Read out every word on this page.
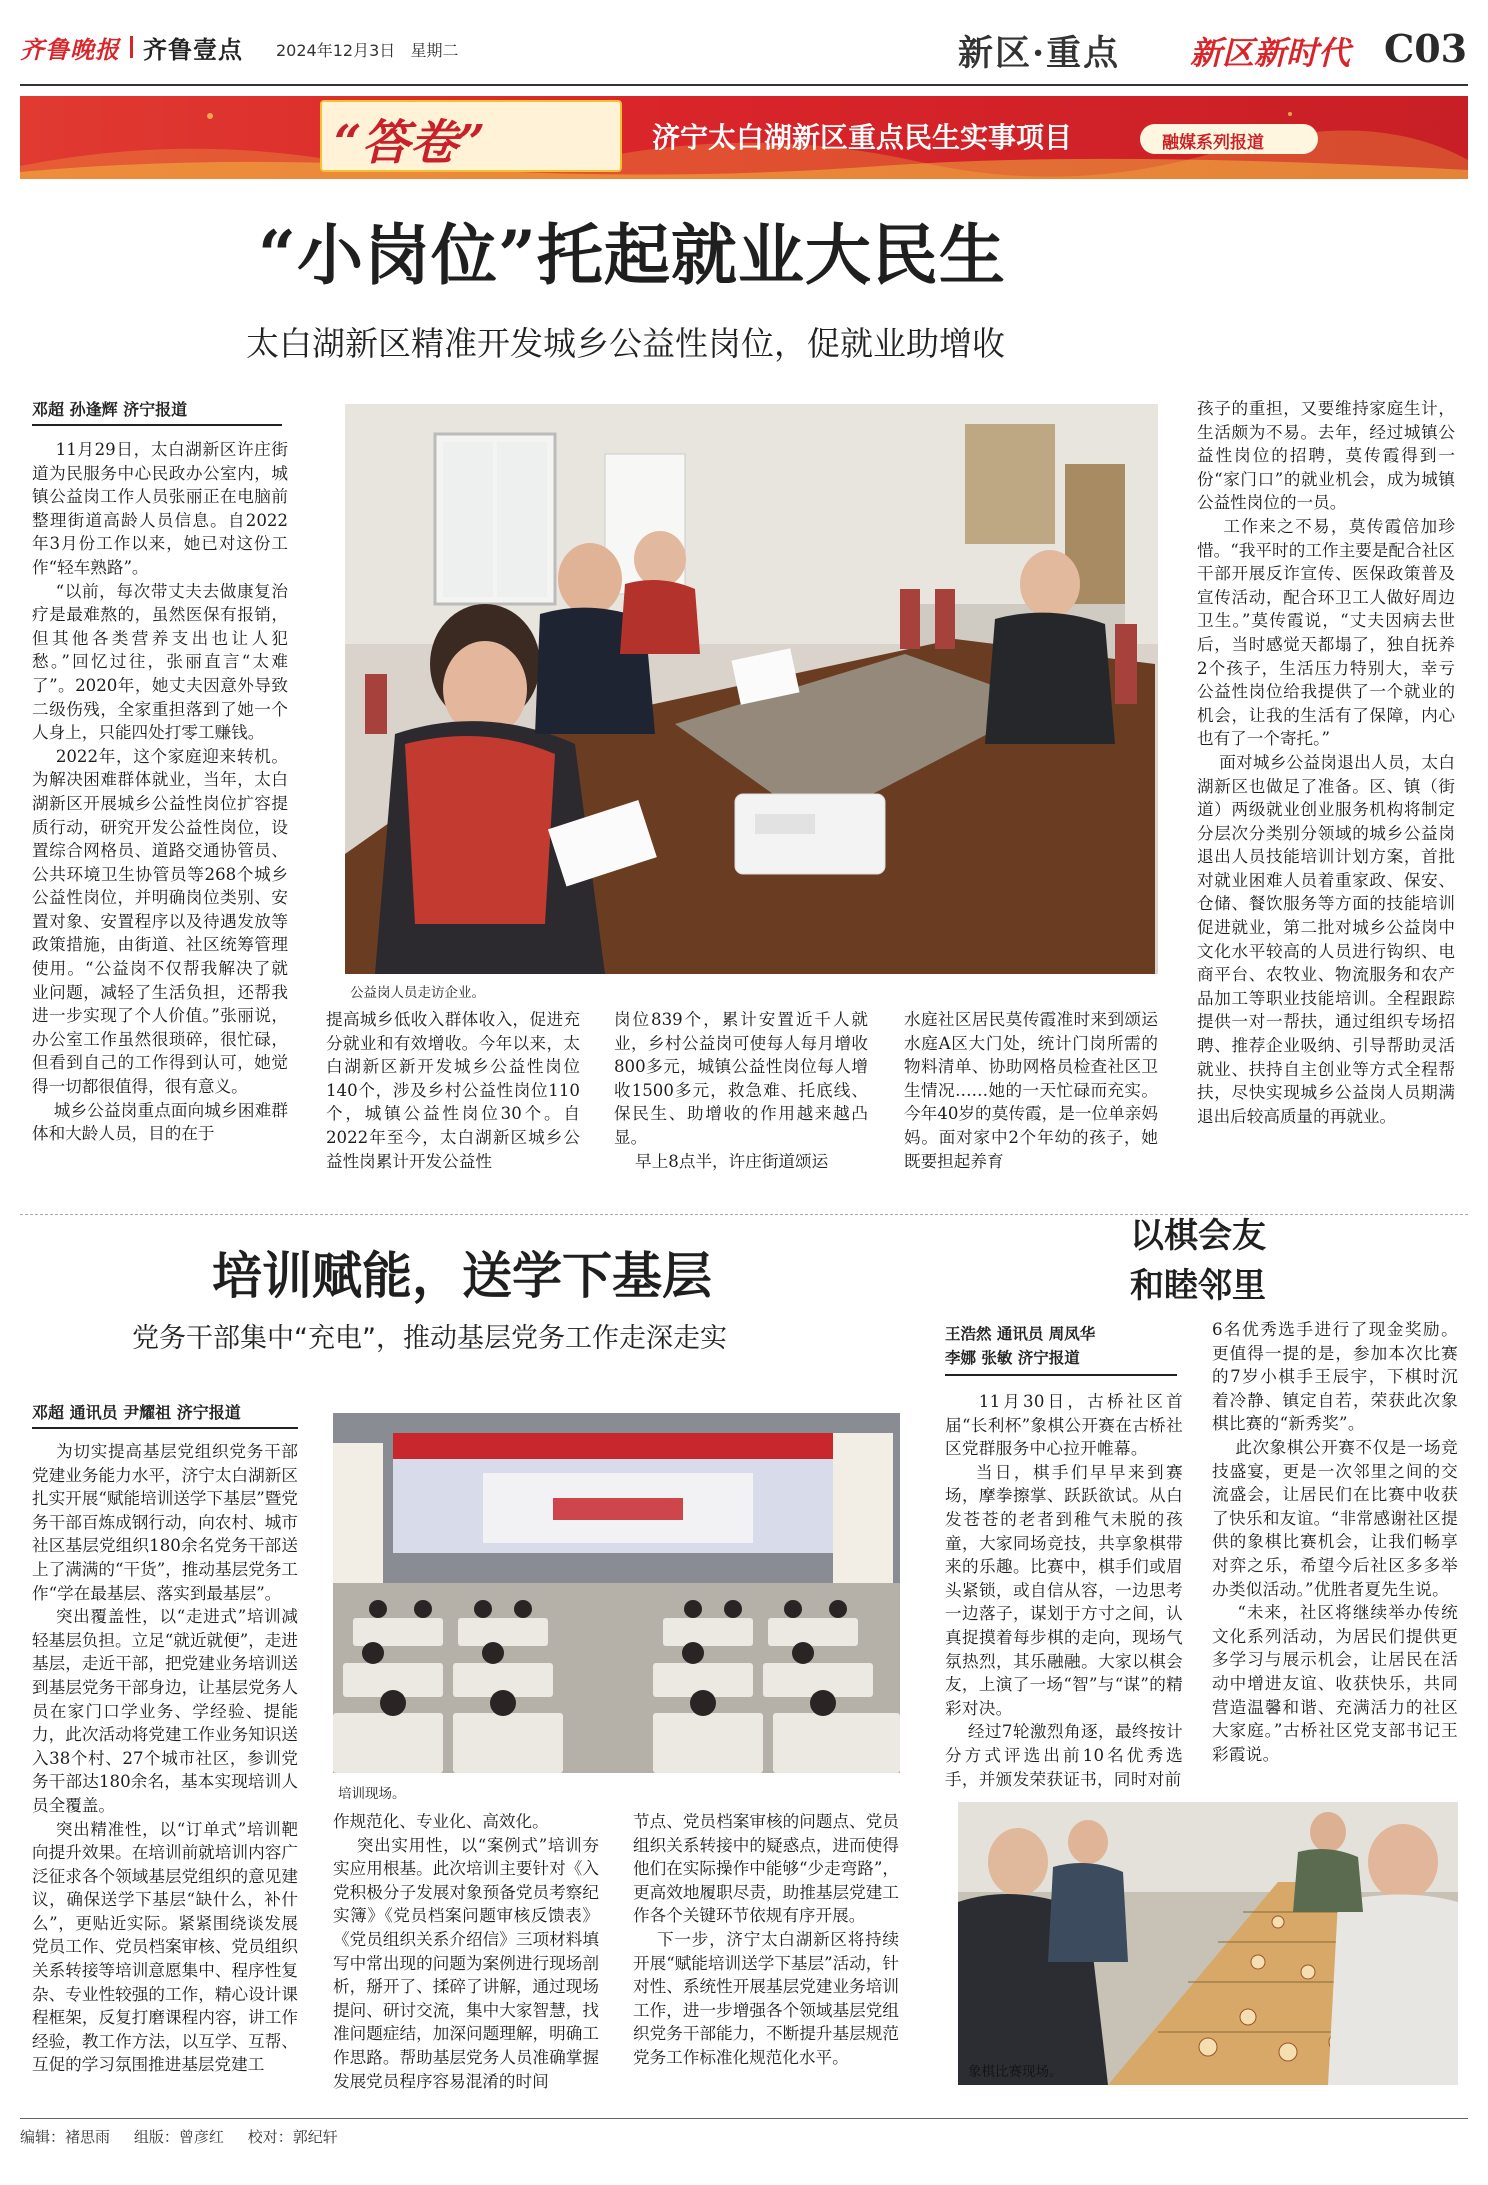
齐鲁晚报 齐鲁壹点 2024年12月3日 星期二	新区·重点 新区新时代 C03
“答卷”	济宁太白湖新区重点民生实事项目	融媒系列报道
“小岗位”托起就业大民生
太白湖新区精准开发城乡公益性岗位，促就业助增收
邓超 孙逢辉 济宁报道
11月29日，太白湖新区许庄街道为民服务中心民政办公室内，城镇公益岗工作人员张丽正在电脑前整理街道高龄人员信息。自2022年3月份工作以来，她已对这份工作“轻车熟路”。
“以前，每次带丈夫去做康复治疗是最难熬的，虽然医保有报销，但其他各类营养支出也让人犯愁。”回忆过往，张丽直言“太难了”。2020年，她丈夫因意外导致二级伤残，全家重担落到了她一个人身上，只能四处打零工赚钱。
2022年，这个家庭迎来转机。为解决困难群体就业，当年，太白湖新区开展城乡公益性岗位扩容提质行动，研究开发公益性岗位，设置综合网格员、道路交通协管员、公共环境卫生协管员等268个城乡公益性岗位，并明确岗位类别、安置对象、安置程序以及待遇发放等政策措施，由街道、社区统筹管理使用。“公益岗不仅帮我解决了就业问题，减轻了生活负担，还帮我进一步实现了个人价值。”张丽说，办公室工作虽然很琐碎，很忙碌，但看到自己的工作得到认可，她觉得一切都很值得，很有意义。
城乡公益岗重点面向城乡困难群体和大龄人员，目的在于
公益岗人员走访企业。
提高城乡低收入群体收入，促进充分就业和有效增收。今年以来，太白湖新区新开发城乡公益性岗位140个，涉及乡村公益性岗位110个，城镇公益性岗位30个。自2022年至今，太白湖新区城乡公益性岗累计开发公益性
岗位839个，累计安置近千人就业，乡村公益岗可使每人每月增收800多元，城镇公益性岗位每人增收1500多元，救急难、托底线、保民生、助增收的作用越来越凸显。
早上8点半，许庄街道颂运
水庭社区居民莫传霞准时来到颂运水庭A区大门处，统计门岗所需的物料清单、协助网格员检查社区卫生情况……她的一天忙碌而充实。今年40岁的莫传霞，是一位单亲妈妈。面对家中2个年幼的孩子，她既要担起养育
孩子的重担，又要维持家庭生计，生活颇为不易。去年，经过城镇公益性岗位的招聘，莫传霞得到一份“家门口”的就业机会，成为城镇公益性岗位的一员。
工作来之不易，莫传霞倍加珍惜。“我平时的工作主要是配合社区干部开展反诈宣传、医保政策普及宣传活动，配合环卫工人做好周边卫生。”莫传霞说，“丈夫因病去世后，当时感觉天都塌了，独自抚养2个孩子，生活压力特别大，幸亏公益性岗位给我提供了一个就业的机会，让我的生活有了保障，内心也有了一个寄托。”
面对城乡公益岗退出人员，太白湖新区也做足了准备。区、镇（街道）两级就业创业服务机构将制定分层次分类别分领域的城乡公益岗退出人员技能培训计划方案，首批对就业困难人员着重家政、保安、仓储、餐饮服务等方面的技能培训促进就业，第二批对城乡公益岗中文化水平较高的人员进行钩织、电商平台、农牧业、物流服务和农产品加工等职业技能培训。全程跟踪提供一对一帮扶，通过组织专场招聘、推荐企业吸纳、引导帮助灵活就业、扶持自主创业等方式全程帮扶，尽快实现城乡公益岗人员期满退出后较高质量的再就业。
培训赋能，送学下基层
党务干部集中“充电”，推动基层党务工作走深走实
邓超 通讯员 尹耀祖 济宁报道
为切实提高基层党组织党务干部党建业务能力水平，济宁太白湖新区扎实开展“赋能培训送学下基层”暨党务干部百炼成钢行动，向农村、城市社区基层党组织180余名党务干部送上了满满的“干货”，推动基层党务工作“学在最基层、落实到最基层”。
突出覆盖性，以“走进式”培训减轻基层负担。立足“就近就便”，走进基层，走近干部，把党建业务培训送到基层党务干部身边，让基层党务人员在家门口学业务、学经验、提能力，此次活动将党建工作业务知识送入38个村、27个城市社区，参训党务干部达180余名，基本实现培训人员全覆盖。
突出精准性，以“订单式”培训靶向提升效果。在培训前就培训内容广泛征求各个领域基层党组织的意见建议，确保送学下基层“缺什么，补什么”，更贴近实际。紧紧围绕谈发展党员工作、党员档案审核、党员组织关系转接等培训意愿集中、程序性复杂、专业性较强的工作，精心设计课程框架，反复打磨课程内容，讲工作经验，教工作方法，以互学、互帮、互促的学习氛围推进基层党建工
培训现场。
作规范化、专业化、高效化。
突出实用性，以“案例式”培训夯实应用根基。此次培训主要针对《入党积极分子发展对象预备党员考察纪实簿》《党员档案问题审核反馈表》《党员组织关系介绍信》三项材料填写中常出现的问题为案例进行现场剖析，掰开了、揉碎了讲解，通过现场提问、研讨交流，集中大家智慧，找准问题症结，加深问题理解，明确工作思路。帮助基层党务人员准确掌握发展党员程序容易混淆的时间
节点、党员档案审核的问题点、党员组织关系转接中的疑惑点，进而使得他们在实际操作中能够“少走弯路”，更高效地履职尽责，助推基层党建工作各个关键环节依规有序开展。
下一步，济宁太白湖新区将持续开展“赋能培训送学下基层”活动，针对性、系统性开展基层党建业务培训工作，进一步增强各个领域基层党组织党务干部能力，不断提升基层规范党务工作标准化规范化水平。
以棋会友
和睦邻里
王浩然 通讯员 周凤华
李娜 张敏 济宁报道
11月30日，古桥社区首届“长利杯”象棋公开赛在古桥社区党群服务中心拉开帷幕。
当日，棋手们早早来到赛场，摩拳擦掌、跃跃欲试。从白发苍苍的老者到稚气未脱的孩童，大家同场竞技，共享象棋带来的乐趣。比赛中，棋手们或眉头紧锁，或自信从容，一边思考一边落子，谋划于方寸之间，认真捉摸着每步棋的走向，现场气氛热烈，其乐融融。大家以棋会友，上演了一场“智”与“谋”的精彩对决。
经过7轮激烈角逐，最终按计分方式评选出前10名优秀选手，并颁发荣获证书，同时对前
6名优秀选手进行了现金奖励。更值得一提的是，参加本次比赛的7岁小棋手王辰宇，下棋时沉着冷静、镇定自若，荣获此次象棋比赛的“新秀奖”。
此次象棋公开赛不仅是一场竞技盛宴，更是一次邻里之间的交流盛会，让居民们在比赛中收获了快乐和友谊。“非常感谢社区提供的象棋比赛机会，让我们畅享对弈之乐，希望今后社区多多举办类似活动。”优胜者夏先生说。
“未来，社区将继续举办传统文化系列活动，为居民们提供更多学习与展示机会，让居民在活动中增进友谊、收获快乐，共同营造温馨和谐、充满活力的社区大家庭。”古桥社区党支部书记王彩霞说。
象棋比赛现场。
编辑：褚思雨 组版：曾彦红 校对：郭纪轩
